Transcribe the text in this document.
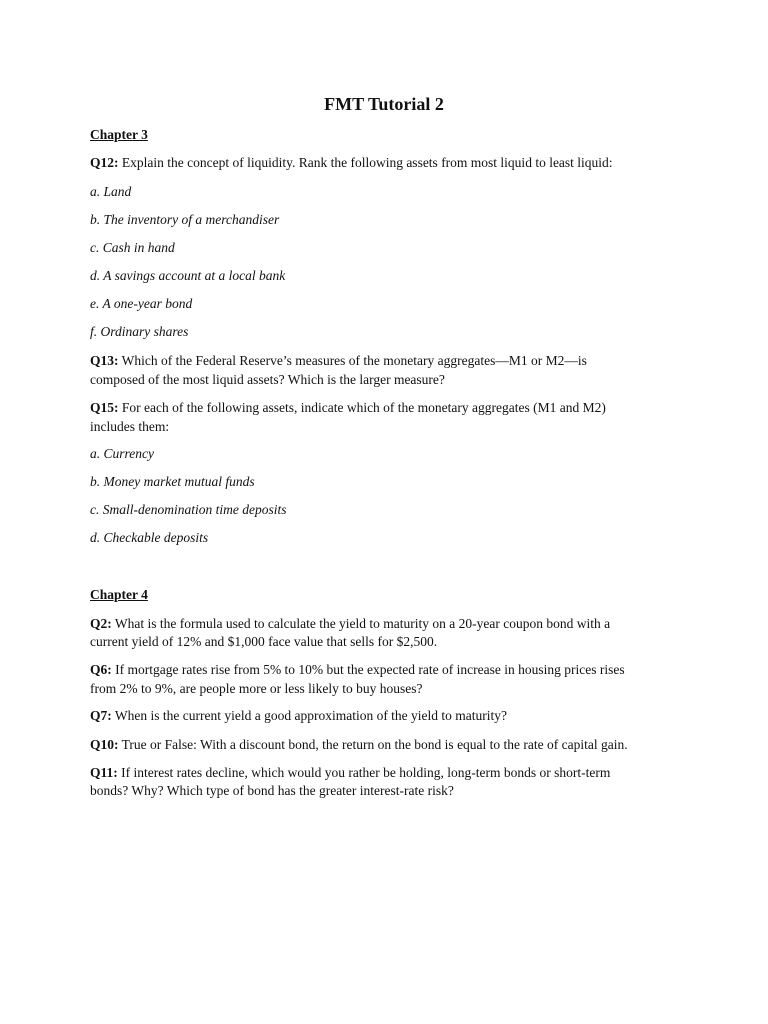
FMT Tutorial 2
Chapter 3
Q12: Explain the concept of liquidity. Rank the following assets from most liquid to least liquid:
a. Land
b. The inventory of a merchandiser
c. Cash in hand
d. A savings account at a local bank
e. A one-year bond
f. Ordinary shares
Q13: Which of the Federal Reserve’s measures of the monetary aggregates—M1 or M2—is
composed of the most liquid assets? Which is the larger measure?
Q15: For each of the following assets, indicate which of the monetary aggregates (M1 and M2)
includes them:
a. Currency
b. Money market mutual funds
c. Small-denomination time deposits
d. Checkable deposits
Chapter 4
Q2: What is the formula used to calculate the yield to maturity on a 20-year coupon bond with a
current yield of 12% and $1,000 face value that sells for $2,500.
Q6: If mortgage rates rise from 5% to 10% but the expected rate of increase in housing prices rises
from 2% to 9%, are people more or less likely to buy houses?
Q7: When is the current yield a good approximation of the yield to maturity?
Q10: True or False: With a discount bond, the return on the bond is equal to the rate of capital gain.
Q11: If interest rates decline, which would you rather be holding, long-term bonds or short-term
bonds? Why? Which type of bond has the greater interest-rate risk?
